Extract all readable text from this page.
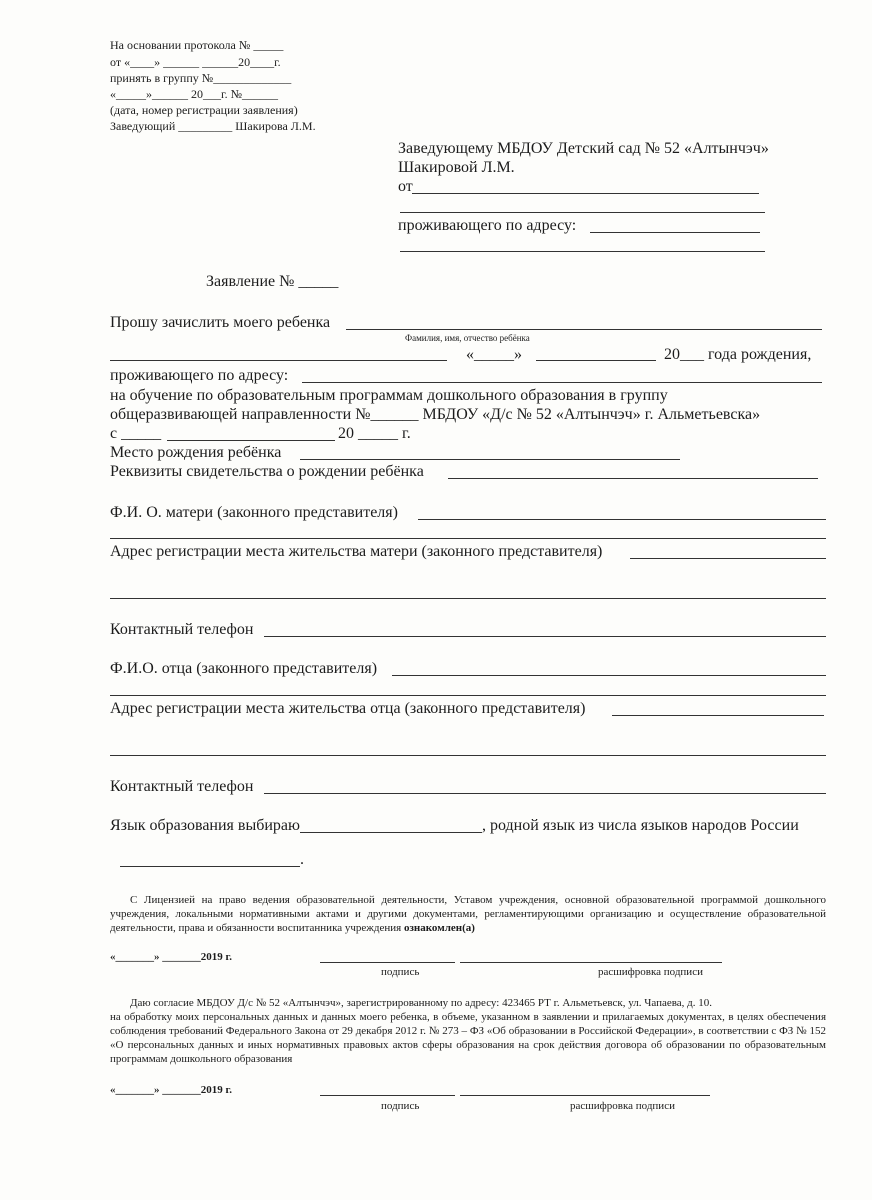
На основании протокола № _____
от «____» ______ ______20____г.
принять в группу №_____________
«_____»______ 20___г. №______
(дата, номер регистрации заявления)
Заведующий _________ Шакирова Л.М.
Заведующему МБДОУ Детский сад № 52 «Алтынчэч»
Шакировой Л.М.
от
проживающего по адресу:
Заявление № _____
Прошу зачислить моего ребенка
Фамилия, имя, отчество ребёнка
«_____»	20___ года рождения,
проживающего по адресу:
на обучение по образовательным программам дошкольного образования в группу
общеразвивающей направленности №______ МБДОУ «Д/с № 52 «Алтынчэч» г. Альметьевска»
с _____	20 _____ г.
Место рождения ребёнка
Реквизиты свидетельства о рождении ребёнка
Ф.И. О. матери (законного представителя)
Адрес регистрации места жительства матери (законного представителя)
Контактный телефон
Ф.И.О. отца (законного представителя)
Адрес регистрации места жительства отца (законного представителя)
Контактный телефон
Язык образования выбираю	, родной язык из числа языков народов России
.
С Лицензией на право ведения образовательной деятельности, Уставом учреждения, основной образовательной программой дошкольного учреждения, локальными нормативными актами и другими документами, регламентирующими организацию и осуществление образовательной деятельности, права и обязанности воспитанника учреждения ознакомлен(а)
«_______» _______2019 г.
подпись	расшифровка подписи
Даю согласие МБДОУ Д/с № 52 «Алтынчэч», зарегистрированному по адресу: 423465 РТ г. Альметьевск, ул. Чапаева, д. 10.
на обработку моих персональных данных и данных моего ребенка, в объеме, указанном в заявлении и прилагаемых документах, в целях обеспечения соблюдения требований Федерального Закона от 29 декабря 2012 г. № 273 – ФЗ «Об образовании в Российской Федерации», в соответствии с ФЗ № 152 «О персональных данных и иных нормативных правовых актов сферы образования на срок действия договора об образовании по образовательным программам дошкольного образования
«_______» _______2019 г.
подпись	расшифровка подписи
